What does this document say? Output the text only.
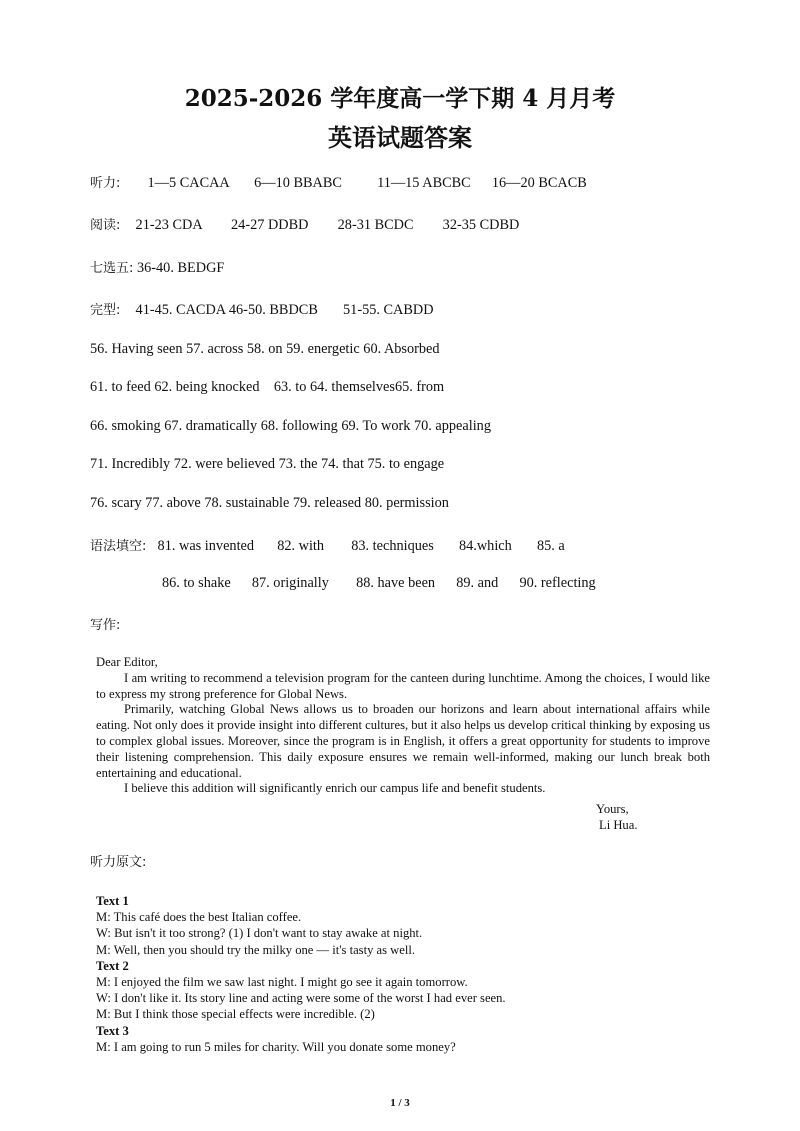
2025-2026 学年度高一学下期 4 月月考
英语试题答案
听力: 1—5 CACAA 6—10 BBABC 11—15 ABCBC 16—20 BCACB
阅读: 21-23 CDA 24-27 DDBD 28-31 BCDC 32-35 CDBD
七选五: 36-40. BEDGF
完型: 41-45. CACDA 46-50. BBDCB 51-55. CABDD
56. Having seen 57. across 58. on 59. energetic 60. Absorbed
61. to feed 62. being knocked    63. to 64. themselves65. from
66. smoking 67. dramatically 68. following 69. To work 70. appealing
71. Incredibly 72. were believed 73. the 74. that 75. to engage
76. scary 77. above 78. sustainable 79. released 80. permission
语法填空: 81. was invented 82. with 83. techniques 84.which 85. a
86. to shake 87. originally 88. have been 89. and 90. reflecting
写作:

Dear Editor,

I am writing to recommend a television program for the canteen during lunchtime. Among the choices, I would like to express my strong preference for Global News.

Primarily, watching Global News allows us to broaden our horizons and learn about international affairs while eating. Not only does it provide insight into different cultures, but it also helps us develop critical thinking by exposing us to complex global issues. Moreover, since the program is in English, it offers a great opportunity for students to improve their listening comprehension. This daily exposure ensures we remain well-informed, making our lunch break both entertaining and educational.

I believe this addition will significantly enrich our campus life and benefit students.

Yours,
Li Hua.
听力原文:
Text 1
M: This café does the best Italian coffee.
W: But isn't it too strong? (1) I don't want to stay awake at night.
M: Well, then you should try the milky one — it's tasty as well.
Text 2
M: I enjoyed the film we saw last night. I might go see it again tomorrow.
W: I don't like it. Its story line and acting were some of the worst I had ever seen.
M: But I think those special effects were incredible. (2)
Text 3
M: I am going to run 5 miles for charity. Will you donate some money?
1 / 3
